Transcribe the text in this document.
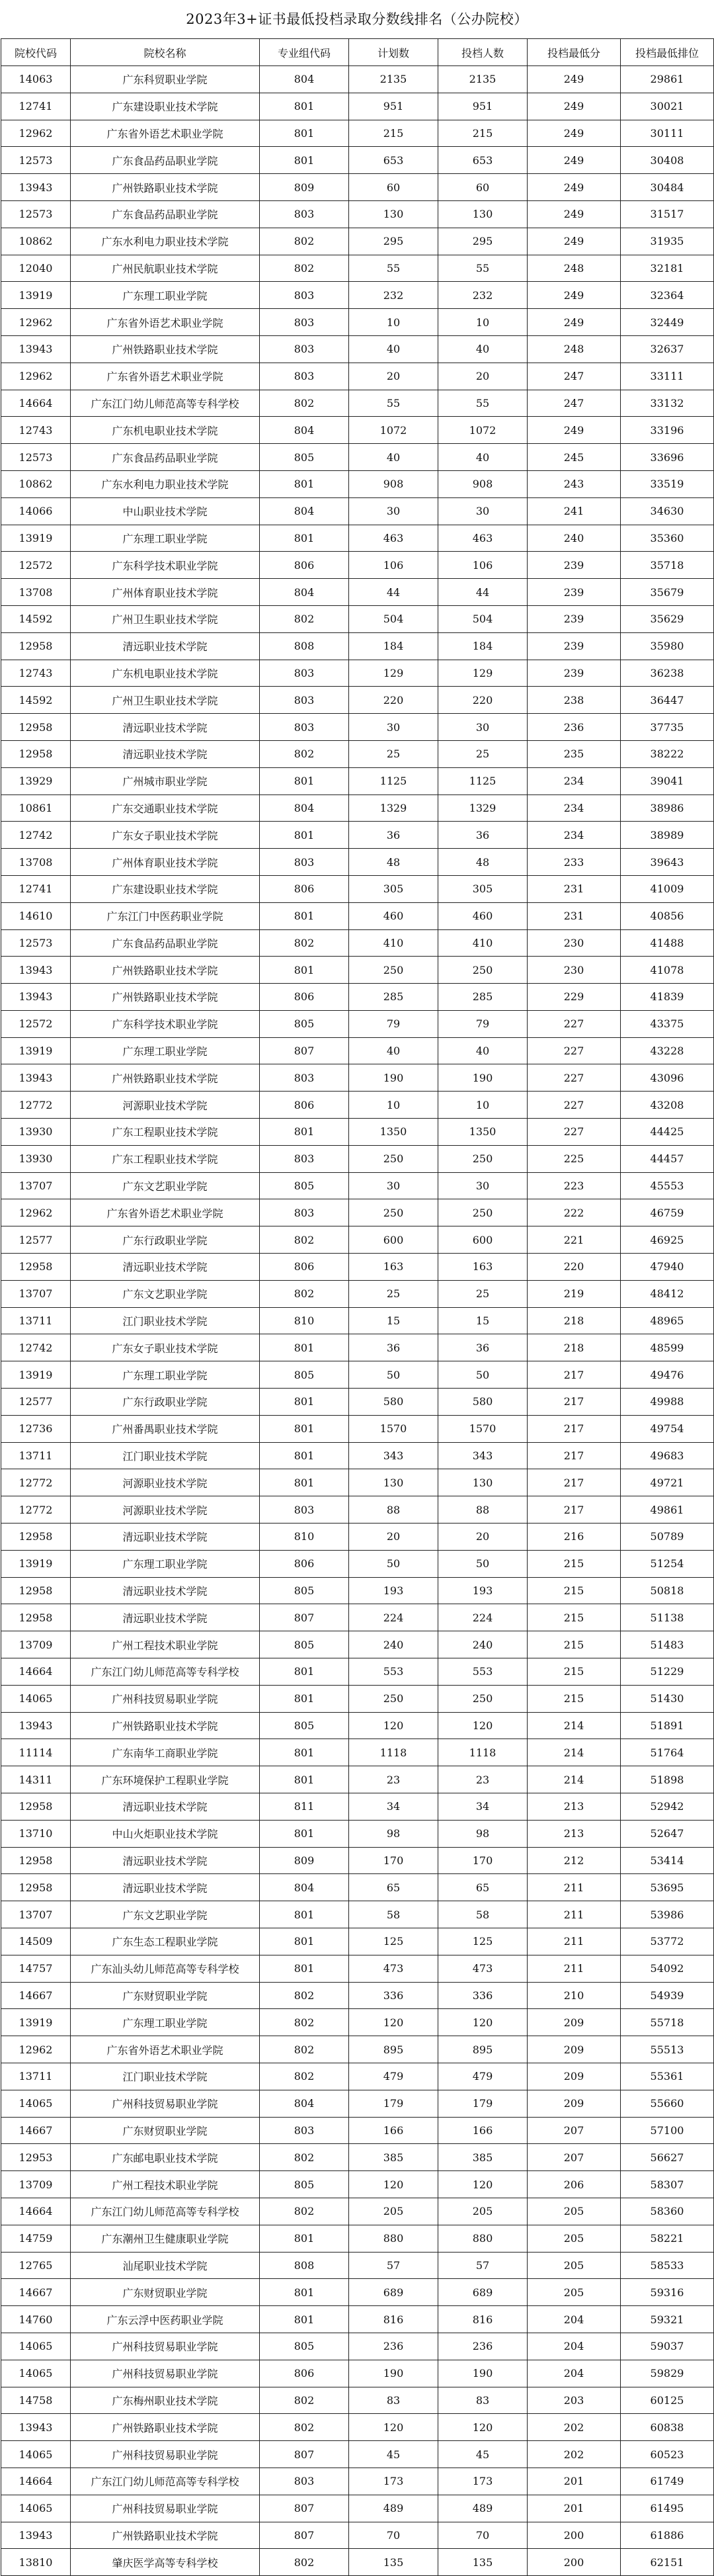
2023年3+证书最低投档录取分数线排名（公办院校）
院校代码	院校名称	专业组代码	计划数	投档人数	投档最低分	投档最低排位
14063	广东科贸职业学院	804	2135	2135	249	29861
12741	广东建设职业技术学院	801	951	951	249	30021
12962	广东省外语艺术职业学院	801	215	215	249	30111
12573	广东食品药品职业学院	801	653	653	249	30408
13943	广州铁路职业技术学院	809	60	60	249	30484
12573	广东食品药品职业学院	803	130	130	249	31517
10862	广东水利电力职业技术学院	802	295	295	249	31935
12040	广州民航职业技术学院	802	55	55	248	32181
13919	广东理工职业学院	803	232	232	249	32364
12962	广东省外语艺术职业学院	803	10	10	249	32449
13943	广州铁路职业技术学院	803	40	40	248	32637
12962	广东省外语艺术职业学院	803	20	20	247	33111
14664	广东江门幼儿师范高等专科学校	802	55	55	247	33132
12743	广东机电职业技术学院	804	1072	1072	249	33196
12573	广东食品药品职业学院	805	40	40	245	33696
10862	广东水利电力职业技术学院	801	908	908	243	33519
14066	中山职业技术学院	804	30	30	241	34630
13919	广东理工职业学院	801	463	463	240	35360
12572	广东科学技术职业学院	806	106	106	239	35718
13708	广州体育职业技术学院	804	44	44	239	35679
14592	广州卫生职业技术学院	802	504	504	239	35629
12958	清远职业技术学院	808	184	184	239	35980
12743	广东机电职业技术学院	803	129	129	239	36238
14592	广州卫生职业技术学院	803	220	220	238	36447
12958	清远职业技术学院	803	30	30	236	37735
12958	清远职业技术学院	802	25	25	235	38222
13929	广州城市职业学院	801	1125	1125	234	39041
10861	广东交通职业技术学院	804	1329	1329	234	38986
12742	广东女子职业技术学院	801	36	36	234	38989
13708	广州体育职业技术学院	803	48	48	233	39643
12741	广东建设职业技术学院	806	305	305	231	41009
14610	广东江门中医药职业学院	801	460	460	231	40856
12573	广东食品药品职业学院	802	410	410	230	41488
13943	广州铁路职业技术学院	801	250	250	230	41078
13943	广州铁路职业技术学院	806	285	285	229	41839
12572	广东科学技术职业学院	805	79	79	227	43375
13919	广东理工职业学院	807	40	40	227	43228
13943	广州铁路职业技术学院	803	190	190	227	43096
12772	河源职业技术学院	806	10	10	227	43208
13930	广东工程职业技术学院	801	1350	1350	227	44425
13930	广东工程职业技术学院	803	250	250	225	44457
13707	广东文艺职业学院	805	30	30	223	45553
12962	广东省外语艺术职业学院	803	250	250	222	46759
12577	广东行政职业学院	802	600	600	221	46925
12958	清远职业技术学院	806	163	163	220	47940
13707	广东文艺职业学院	802	25	25	219	48412
13711	江门职业技术学院	810	15	15	218	48965
12742	广东女子职业技术学院	801	36	36	218	48599
13919	广东理工职业学院	805	50	50	217	49476
12577	广东行政职业学院	801	580	580	217	49988
12736	广州番禺职业技术学院	801	1570	1570	217	49754
13711	江门职业技术学院	801	343	343	217	49683
12772	河源职业技术学院	801	130	130	217	49721
12772	河源职业技术学院	803	88	88	217	49861
12958	清远职业技术学院	810	20	20	216	50789
13919	广东理工职业学院	806	50	50	215	51254
12958	清远职业技术学院	805	193	193	215	50818
12958	清远职业技术学院	807	224	224	215	51138
13709	广州工程技术职业学院	805	240	240	215	51483
14664	广东江门幼儿师范高等专科学校	801	553	553	215	51229
14065	广州科技贸易职业学院	801	250	250	215	51430
13943	广州铁路职业技术学院	805	120	120	214	51891
11114	广东南华工商职业学院	801	1118	1118	214	51764
14311	广东环境保护工程职业学院	801	23	23	214	51898
12958	清远职业技术学院	811	34	34	213	52942
13710	中山火炬职业技术学院	801	98	98	213	52647
12958	清远职业技术学院	809	170	170	212	53414
12958	清远职业技术学院	804	65	65	211	53695
13707	广东文艺职业学院	801	58	58	211	53986
14509	广东生态工程职业学院	801	125	125	211	53772
14757	广东汕头幼儿师范高等专科学校	801	473	473	211	54092
14667	广东财贸职业学院	802	336	336	210	54939
13919	广东理工职业学院	802	120	120	209	55718
12962	广东省外语艺术职业学院	802	895	895	209	55513
13711	江门职业技术学院	802	479	479	209	55361
14065	广州科技贸易职业学院	804	179	179	209	55660
14667	广东财贸职业学院	803	166	166	207	57100
12953	广东邮电职业技术学院	802	385	385	207	56627
13709	广州工程技术职业学院	805	120	120	206	58307
14664	广东江门幼儿师范高等专科学校	802	205	205	205	58360
14759	广东潮州卫生健康职业学院	801	880	880	205	58221
12765	汕尾职业技术学院	808	57	57	205	58533
14667	广东财贸职业学院	801	689	689	205	59316
14760	广东云浮中医药职业学院	801	816	816	204	59321
14065	广州科技贸易职业学院	805	236	236	204	59037
14065	广州科技贸易职业学院	806	190	190	204	59829
14758	广东梅州职业技术学院	802	83	83	203	60125
13943	广州铁路职业技术学院	802	120	120	202	60838
14065	广州科技贸易职业学院	807	45	45	202	60523
14664	广东江门幼儿师范高等专科学校	803	173	173	201	61749
14065	广州科技贸易职业学院	807	489	489	201	61495
13943	广州铁路职业技术学院	807	70	70	200	61886
13810	肇庆医学高等专科学校	802	135	135	200	62151
